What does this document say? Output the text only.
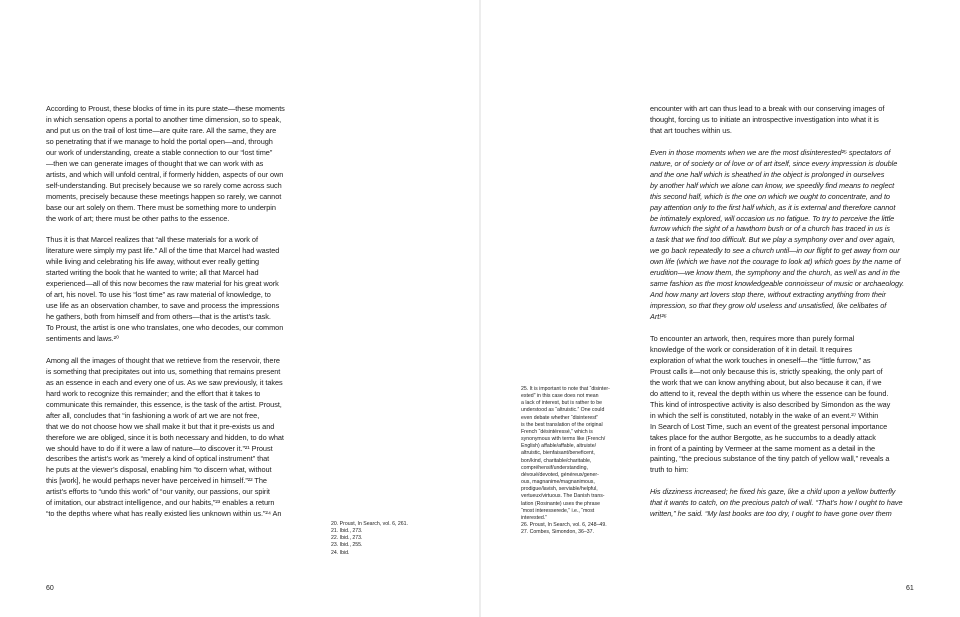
According to Proust, these blocks of time in its pure state—these moments
in which sensation opens a portal to another time dimension, so to speak,
and put us on the trail of lost time—are quite rare. All the same, they are
so penetrating that if we manage to hold the portal open—and, through
our work of understanding, create a stable connection to our “lost time”
—then we can generate images of thought that we can work with as
artists, and which will unfold central, if formerly hidden, aspects of our own
self-understanding. But precisely because we so rarely come across such
moments, precisely because these meetings happen so rarely, we cannot
base our art solely on them. There must be something more to underpin
the work of art; there must be other paths to the essence.

Thus it is that Marcel realizes that “all these materials for a work of
literature were simply my past life.” All of the time that Marcel had wasted
while living and celebrating his life away, without ever really getting
started writing the book that he wanted to write; all that Marcel had
experienced—all of this now becomes the raw material for his great work
of art, his novel. To use his “lost time” as raw material of knowledge, to
use life as an observation chamber, to save and process the impressions
he gathers, both from himself and from others—that is the artist’s task.
To Proust, the artist is one who translates, one who decodes, our common
sentiments and laws.²⁰

Among all the images of thought that we retrieve from the reservoir, there
is something that precipitates out into us, something that remains present
as an essence in each and every one of us. As we saw previously, it takes
hard work to recognize this remainder; and the effort that it takes to
communicate this remainder, this essence, is the task of the artist. Proust,
after all, concludes that “in fashioning a work of art we are not free,
that we do not choose how we shall make it but that it pre-exists us and
therefore we are obliged, since it is both necessary and hidden, to do what
we should have to do if it were a law of nature—to discover it.”²¹ Proust
describes the artist’s work as “merely a kind of optical instrument” that
he puts at the viewer’s disposal, enabling him “to discern what, without
this [work], he would perhaps never have perceived in himself.”²² The
artist’s efforts to “undo this work” of “our vanity, our passions, our spirit
of imitation, our abstract intelligence, and our habits,”²³ enables a return
“to the depths where what has really existed lies unknown within us.”²⁴ An

20. Proust, In Search, vol. 6, 261.
21. Ibid., 273.
22. Ibid., 273.
23. Ibid., 255.
24. Ibid.
60
25. It is important to note that “disinter-
ested” in this case does not mean
a lack of interest, but is rather to be
understood as “altruistic.” One could
even debate whether “disinterest”
is the best translation of the original
French “désintéressé,” which is
synonymous with terms like (French/
English) affable/affable, altruiste/
altruistic, bienfaisant/beneficent,
bon/kind, charitable/charitable,
compréhensif/understanding,
dévoué/devoted, généreux/gener-
ous, magnanime/magnanimous,
prodigue/lavish, serviable/helpful,
vertueux/virtuous. The Danish trans-
lation (Rosinante) uses the phrase
“most interesserede,” i.e., “most
interested.”
26. Proust, In Search, vol. 6, 248–49.
27. Combes, Simondon, 36–37.

encounter with art can thus lead to a break with our conserving images of
thought, forcing us to initiate an introspective investigation into what it is
that art touches within us.

Even in those moments when we are the most disinterested²⁵ spectators of
nature, or of society or of love or of art itself, since every impression is double
and the one half which is sheathed in the object is prolonged in ourselves
by another half which we alone can know, we speedily find means to neglect
this second half, which is the one on which we ought to concentrate, and to
pay attention only to the first half which, as it is external and therefore cannot
be intimately explored, will occasion us no fatigue. To try to perceive the little
furrow which the sight of a hawthorn bush or of a church has traced in us is
a task that we find too difficult. But we play a symphony over and over again,
we go back repeatedly to see a church until—in our flight to get away from our
own life (which we have not the courage to look at) which goes by the name of
erudition—we know them, the symphony and the church, as well as and in the
same fashion as the most knowledgeable connoisseur of music or archaeology.
And how many art lovers stop there, without extracting anything from their
impression, so that they grow old useless and unsatisfied, like celibates of
Art!²⁶

To encounter an artwork, then, requires more than purely formal
knowledge of the work or consideration of it in detail. It requires
exploration of what the work touches in oneself—the “little furrow,” as
Proust calls it—not only because this is, strictly speaking, the only part of
the work that we can know anything about, but also because it can, if we
do attend to it, reveal the depth within us where the essence can be found.
This kind of introspective activity is also described by Simondon as the way
in which the self is constituted, notably in the wake of an event.²⁷ Within
In Search of Lost Time, such an event of the greatest personal importance
takes place for the author Bergotte, as he succumbs to a deadly attack
in front of a painting by Vermeer at the same moment as a detail in the
painting, “the precious substance of the tiny patch of yellow wall,” reveals a
truth to him:

His dizziness increased; he fixed his gaze, like a child upon a yellow butterfly
that it wants to catch, on the precious patch of wall. “That’s how I ought to have
written,” he said. “My last books are too dry, I ought to have gone over them

61
